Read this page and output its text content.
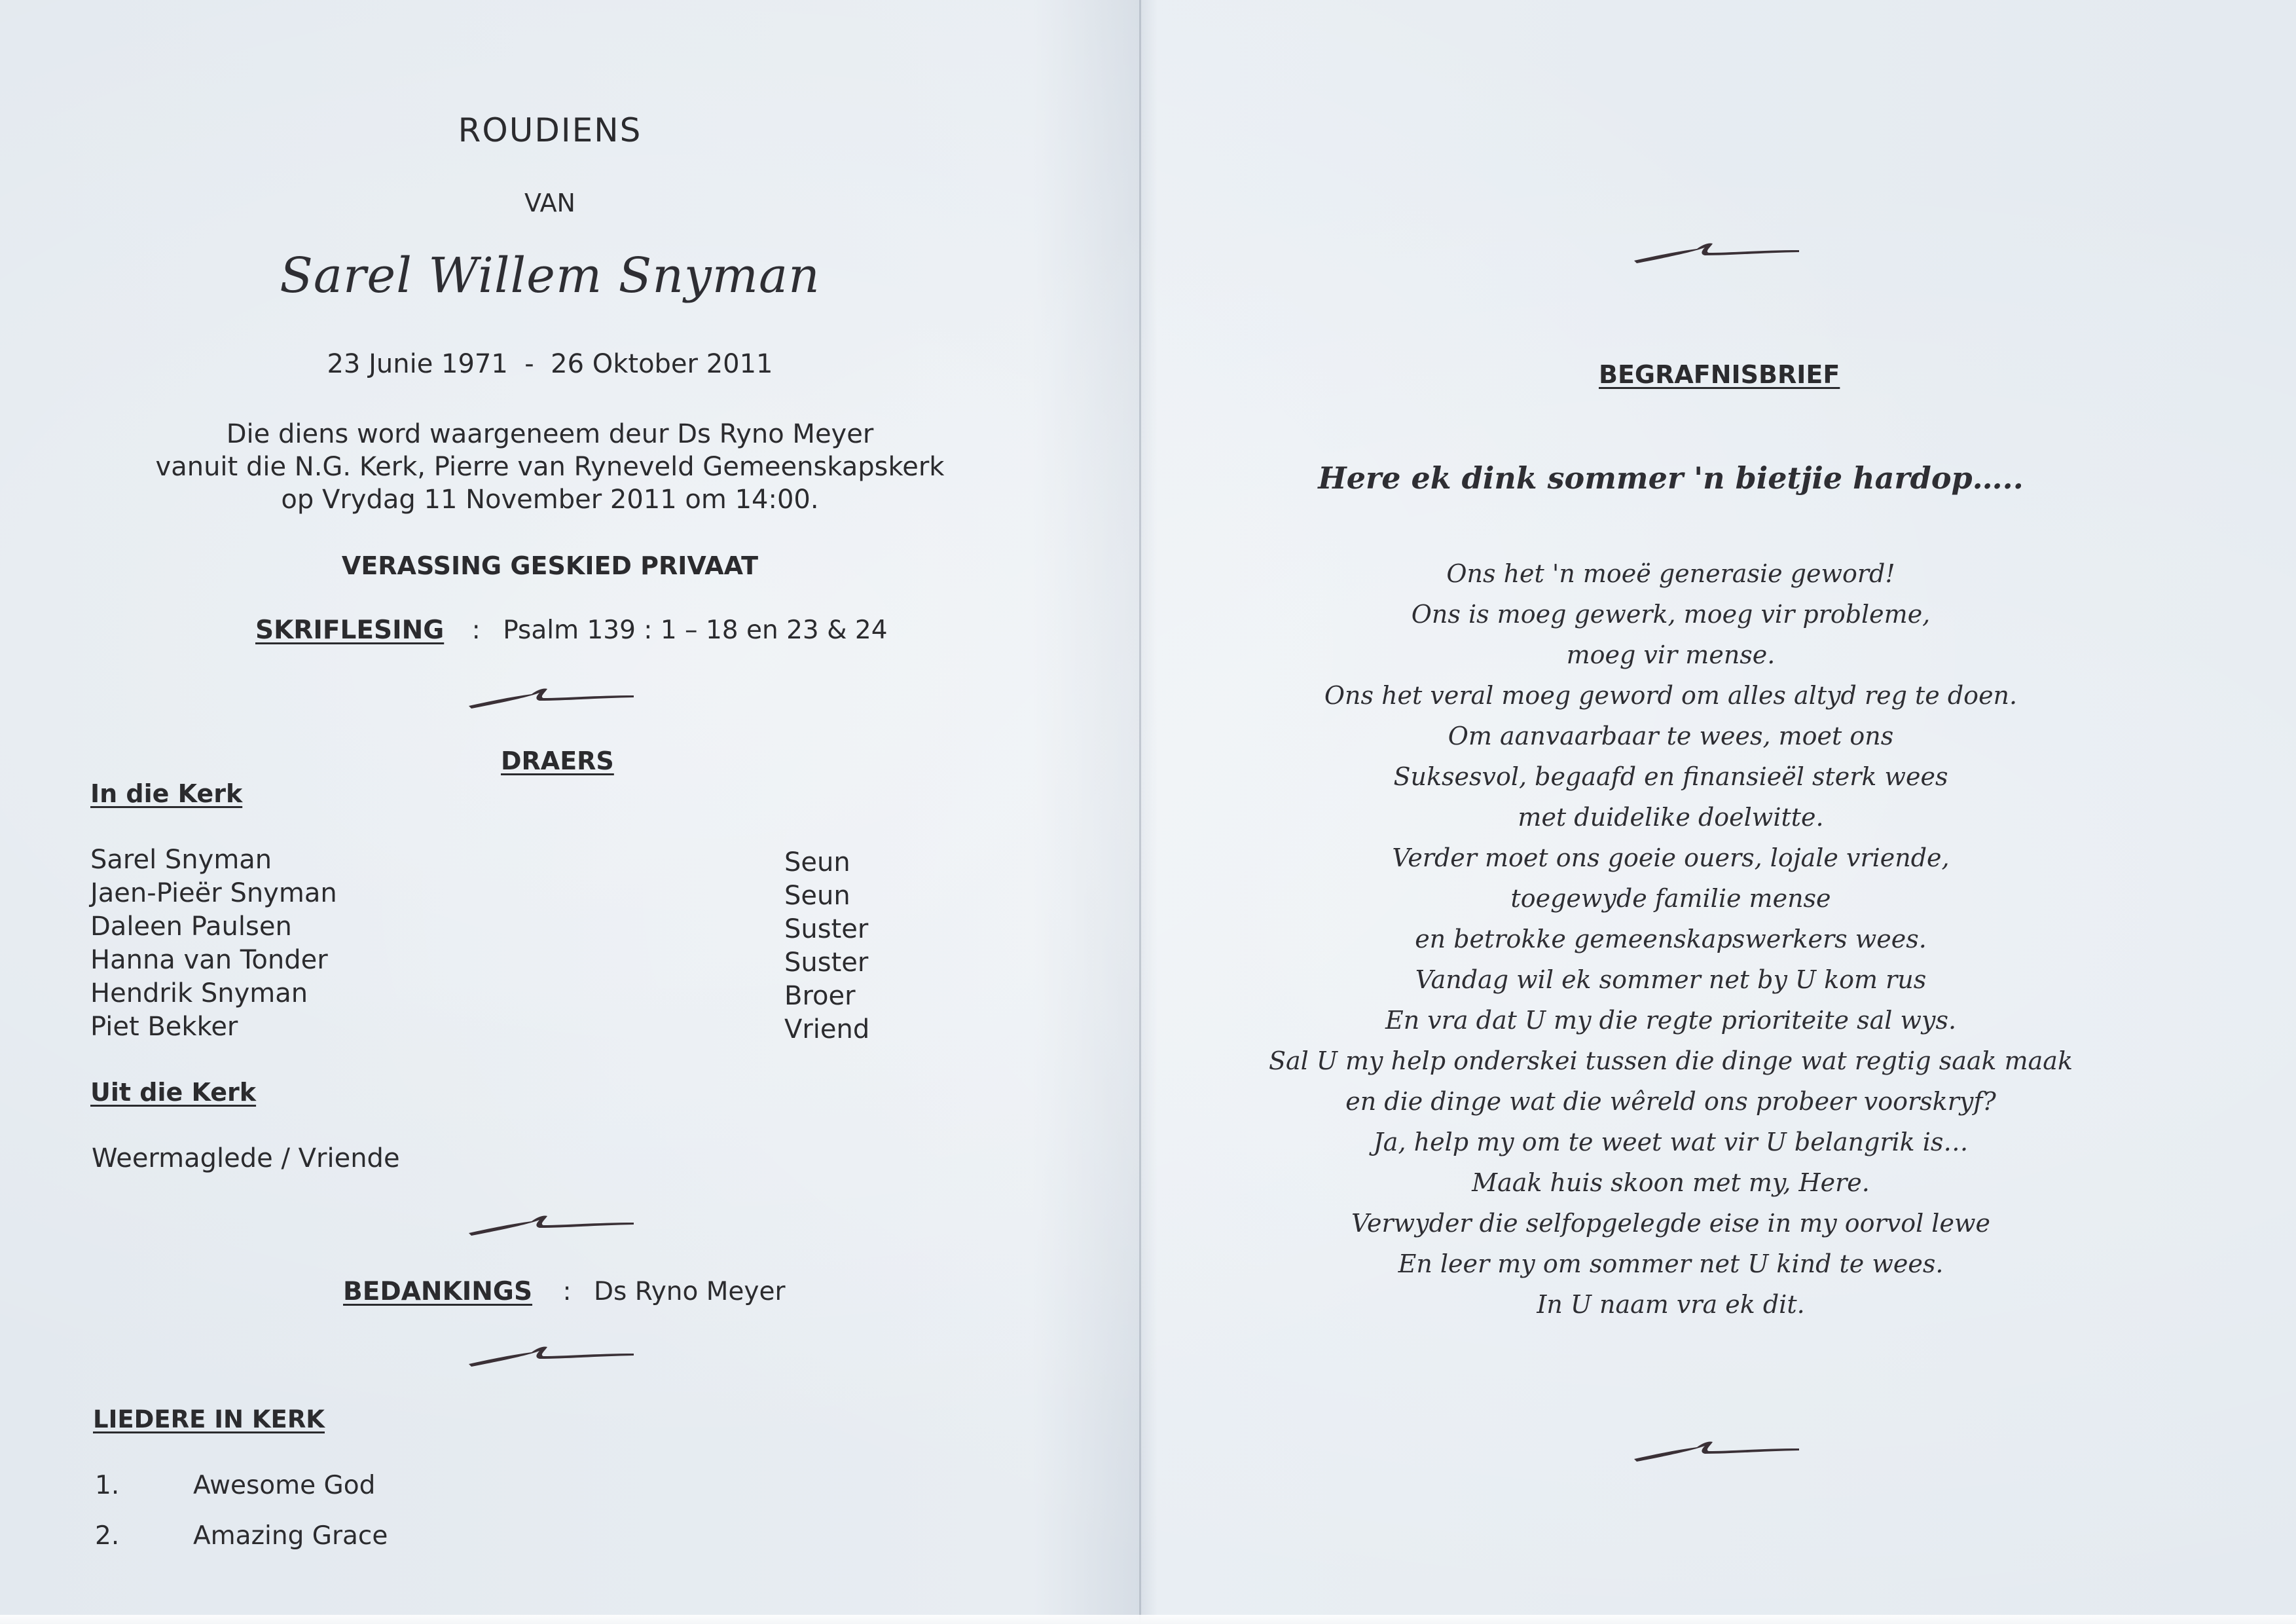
ROUDIENS
VAN
Sarel Willem Snyman
23 Junie 1971  -  26 Oktober 2011
Die diens word waargeneem deur Ds Ryno Meyer
vanuit die N.G. Kerk, Pierre van Ryneveld Gemeenskapskerk
op Vrydag 11 November 2011 om 14:00.
VERASSING GESKIED PRIVAAT
SKRIFLESING : Psalm 139 : 1 – 18 en 23 & 24
DRAERS
In die Kerk
Sarel Snyman
Jaen-Pieër Snyman
Daleen Paulsen
Hanna van Tonder
Hendrik Snyman
Piet Bekker
Seun
Seun
Suster
Suster
Broer
Vriend
Uit die Kerk
Weermaglede / Vriende
BEDANKINGS : Ds Ryno Meyer
LIEDERE IN KERK
1.	Awesome God
2.	Amazing Grace
BEGRAFNISBRIEF
Here ek dink sommer 'n bietjie hardop…..
Ons het 'n moeë generasie geword!
Ons is moeg gewerk, moeg vir probleme,
moeg vir mense.
Ons het veral moeg geword om alles altyd reg te doen.
Om aanvaarbaar te wees, moet ons
Suksesvol, begaafd en finansieël sterk wees
met duidelike doelwitte.
Verder moet ons goeie ouers, lojale vriende,
toegewyde familie mense
en betrokke gemeenskapswerkers wees.
Vandag wil ek sommer net by U kom rus
En vra dat U my die regte prioriteite sal wys.
Sal U my help onderskei tussen die dinge wat regtig saak maak
en die dinge wat die wêreld ons probeer voorskryf?
Ja, help my om te weet wat vir U belangrik is…
Maak huis skoon met my, Here.
Verwyder die selfopgelegde eise in my oorvol lewe
En leer my om sommer net U kind te wees.
In U naam vra ek dit.
